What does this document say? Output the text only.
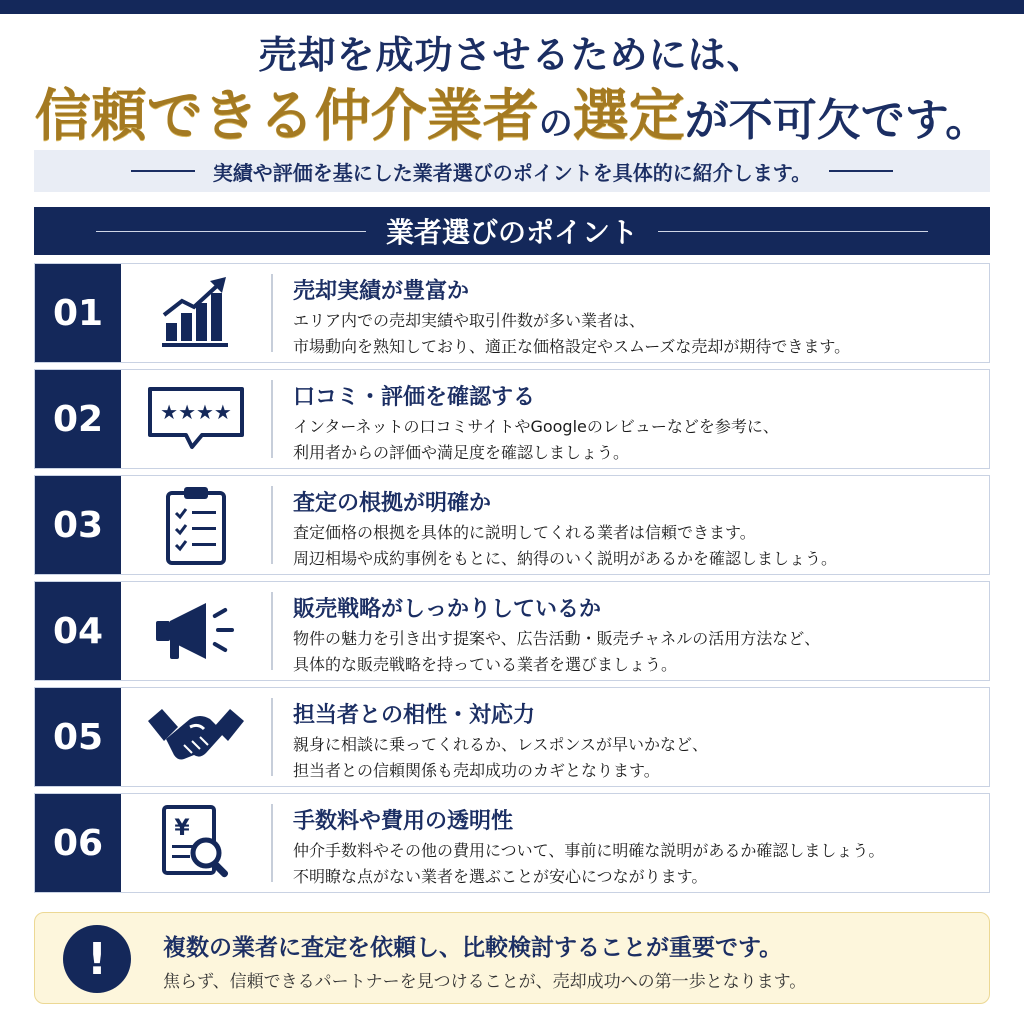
売却を成功させるためには、
信頼できる仲介業者の選定が不可欠です。
実績や評価を基にした業者選びのポイントを具体的に紹介します。
業者選びのポイント
01
売却実績が豊富か
エリア内での売却実績や取引件数が多い業者は、
市場動向を熟知しており、適正な価格設定やスムーズな売却が期待できます。
02	★★★★
口コミ・評価を確認する
インターネットの口コミサイトやGoogleのレビューなどを参考に、
利用者からの評価や満足度を確認しましょう。
03
査定の根拠が明確か
査定価格の根拠を具体的に説明してくれる業者は信頼できます。
周辺相場や成約事例をもとに、納得のいく説明があるかを確認しましょう。
04
販売戦略がしっかりしているか
物件の魅力を引き出す提案や、広告活動・販売チャネルの活用方法など、
具体的な販売戦略を持っている業者を選びましょう。
05
担当者との相性・対応力
親身に相談に乗ってくれるか、レスポンスが早いかなど、
担当者との信頼関係も売却成功のカギとなります。
06	¥	手数料や費用の透明性
仲介手数料やその他の費用について、事前に明確な説明があるか確認しましょう。
不明瞭な点がない業者を選ぶことが安心につながります。
!	複数の業者に査定を依頼し、比較検討することが重要です。
焦らず、信頼できるパートナーを見つけることが、売却成功への第一歩となります。
